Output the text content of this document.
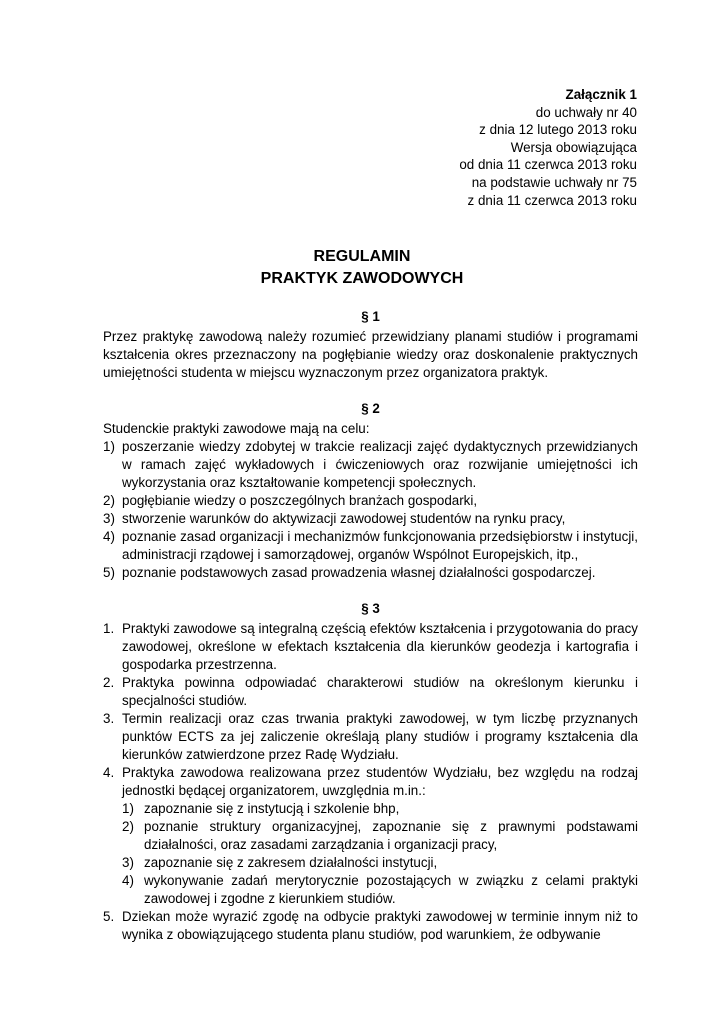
Załącznik 1
do uchwały nr 40
z dnia 12 lutego 2013 roku
Wersja obowiązująca
od dnia 11 czerwca 2013 roku
na podstawie uchwały nr 75
z dnia 11 czerwca 2013 roku
REGULAMIN
PRAKTYK ZAWODOWYCH
§ 1

Przez praktykę zawodową należy rozumieć przewidziany planami studiów i programami kształcenia okres przeznaczony na pogłębianie wiedzy oraz doskonalenie praktycznych umiejętności studenta w miejscu wyznaczonym przez organizatora praktyk.

§ 2

Studenckie praktyki zawodowe mają na celu:

1) poszerzanie wiedzy zdobytej w trakcie realizacji zajęć dydaktycznych przewidzianych w ramach zajęć wykładowych i ćwiczeniowych oraz rozwijanie umiejętności ich wykorzystania oraz kształtowanie kompetencji społecznych.
2) pogłębianie wiedzy o poszczególnych branżach gospodarki,
3) stworzenie warunków do aktywizacji zawodowej studentów na rynku pracy,
4) poznanie zasad organizacji i mechanizmów funkcjonowania przedsiębiorstw i instytucji, administracji rządowej i samorządowej, organów Wspólnot Europejskich, itp.,
5) poznanie podstawowych zasad prowadzenia własnej działalności gospodarczej.
§ 3
1. Praktyki zawodowe są integralną częścią efektów kształcenia i przygotowania do pracy zawodowej, określone w efektach kształcenia dla kierunków geodezja i kartografia i gospodarka przestrzenna.
2. Praktyka powinna odpowiadać charakterowi studiów na określonym kierunku i specjalności studiów.
3. Termin realizacji oraz czas trwania praktyki zawodowej, w tym liczbę przyznanych punktów ECTS za jej zaliczenie określają plany studiów i programy kształcenia dla kierunków zatwierdzone przez Radę Wydziału.
4. Praktyka zawodowa realizowana przez studentów Wydziału, bez względu na rodzaj jednostki będącej organizatorem, uwzględnia m.in.:
1) zapoznanie się z instytucją i szkolenie bhp,
2) poznanie struktury organizacyjnej, zapoznanie się z prawnymi podstawami działalności, oraz zasadami zarządzania i organizacji pracy,
3) zapoznanie się z zakresem działalności instytucji,
4) wykonywanie zadań merytorycznie pozostających w związku z celami praktyki zawodowej i zgodne z kierunkiem studiów.
5. Dziekan może wyrazić zgodę na odbycie praktyki zawodowej w terminie innym niż to wynika z obowiązującego studenta planu studiów, pod warunkiem, że odbywanie
